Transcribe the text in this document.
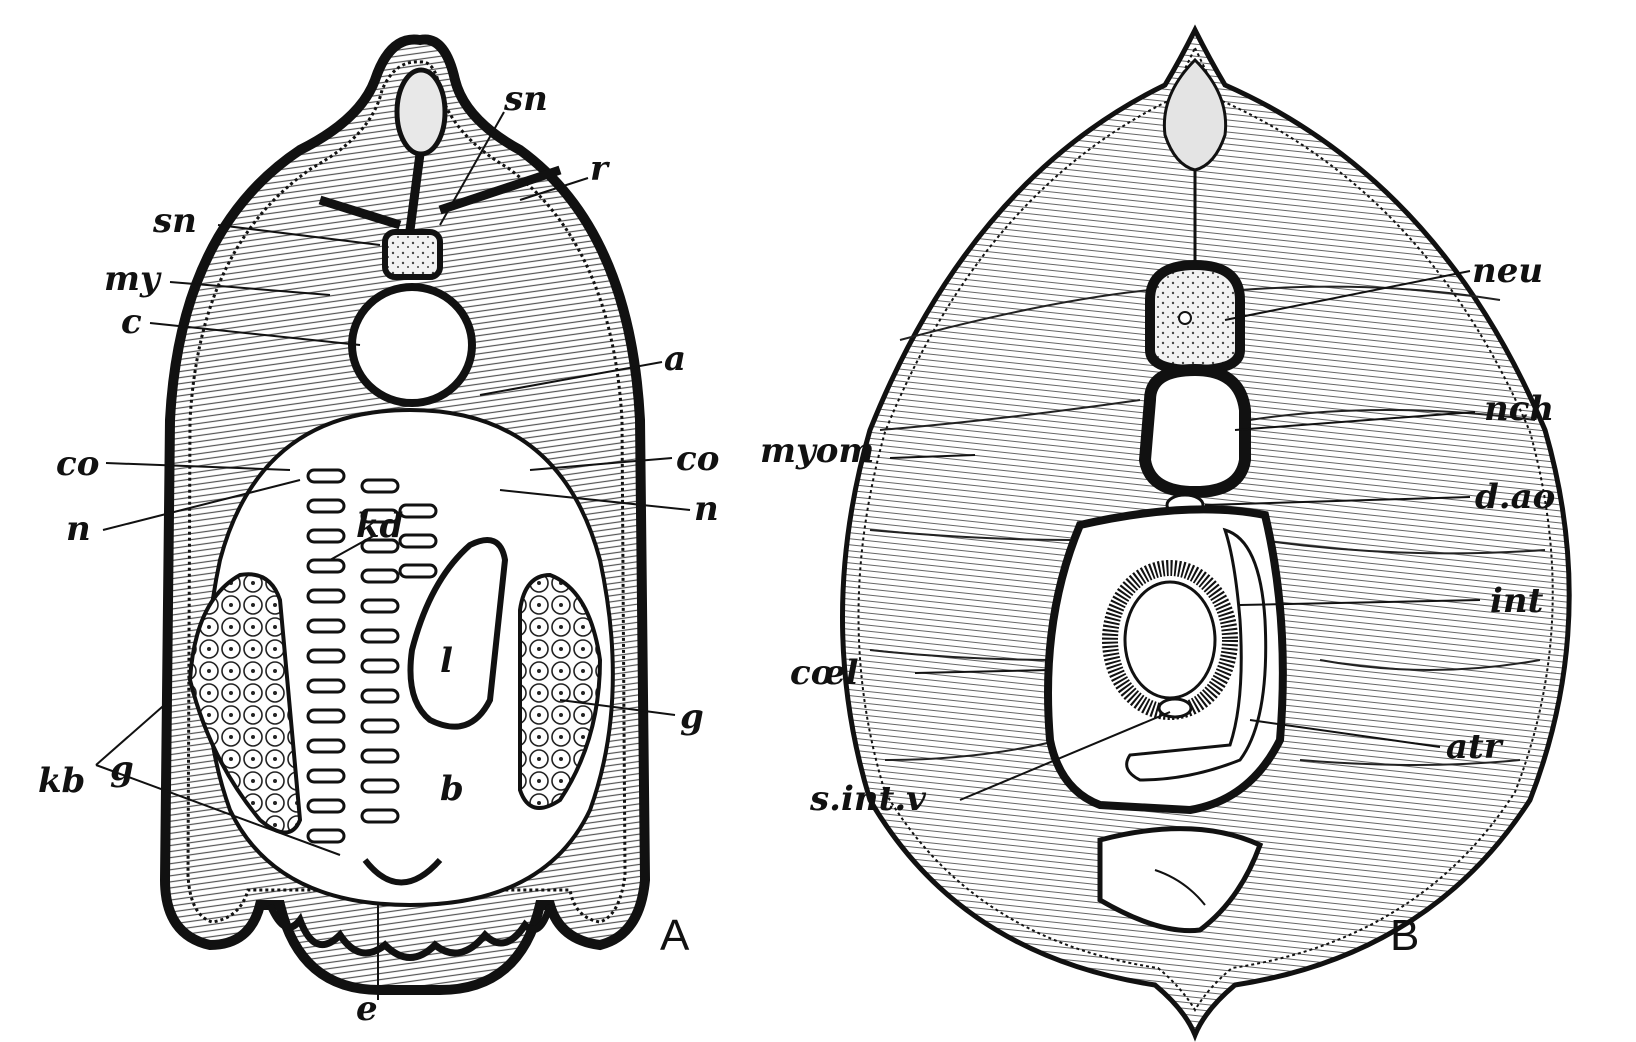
sn
r
sn
my
c
a
co	co
n	n
kd
l
g
g
kb	b
e
A
neu
nch
myom
d.ao
int
cœl
atr
s.int.v
B
